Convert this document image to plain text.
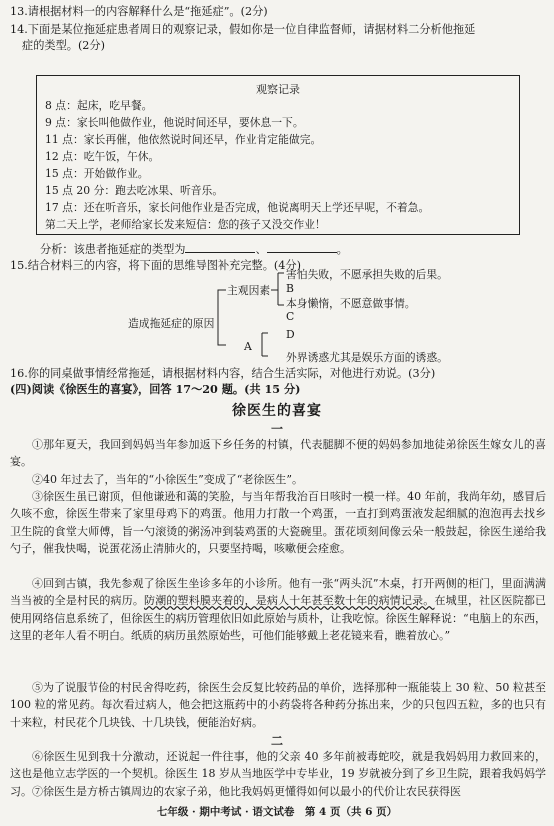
13.请根据材料一的内容解释什么是“拖延症”。(2分)
14.下面是某位拖延症患者周日的观察记录，假如你是一位自律监督师，请据材料二分析他拖延
症的类型。(2分)
观察记录
8 点：起床，吃早餐。
9 点：家长叫他做作业，他说时间还早，要休息一下。
11 点：家长再催，他依然说时间还早，作业肯定能做完。
12 点：吃午饭，午休。
15 点：开始做作业。
15 点 20 分：跑去吃冰果、听音乐。
17 点：还在听音乐，家长问他作业是否完成，他说离明天上学还早呢，不着急。
第二天上学，老师给家长发来短信：您的孩子又没交作业！
分析：该患者拖延症的类型为	、	。
15.结合材料三的内容，将下面的思维导图补充完整。(4分)
造成拖延症的原因
主观因素
A
害怕失败，不愿承担失败的后果。
B
本身懒惰，不愿意做事情。
C
D
外界诱惑尤其是娱乐方面的诱惑。
16.你的同桌做事情经常拖延，请根据材料内容，结合生活实际，对他进行劝说。(3分)
(四)阅读《徐医生的喜宴》，回答 17～20 题。(共 15 分)
徐医生的喜宴
一
①那年夏天，我回到妈妈当年参加返下乡任务的村镇，代表腿脚不便的妈妈参加地徒弟徐医生嫁女儿的喜宴。
②40 年过去了，当年的“小徐医生”变成了“老徐医生”。
③徐医生虽已谢顶，但他谦逊和蔼的笑脸，与当年帮我治百日咳时一模一样。40 年前，我尚年幼，感冒后久咳不愈，徐医生带来了家里母鸡下的鸡蛋。他用力打散一个鸡蛋，一直打到鸡蛋液发起细腻的泡泡再去找乡卫生院的食堂大师傅，旨一勺滚烫的粥汤冲到装鸡蛋的大瓷碗里。蛋花顷刻间像云朵一般鼓起，徐医生递给我勺子，催我快喝，说蛋花汤止清肺火的，只要坚持喝，咳嗽便会痊愈。
④回到古镇，我先参观了徐医生坐诊多年的小诊所。他有一张“两头沉”木桌，打开两侧的柜门，里面满满当当被的全是村民的病历。防潮的塑料膜夹着的，是病人十年甚至数十年的病情记录。在城里，社区医院都已使用网络信息系统了，但徐医生的病历管理依旧如此原始与质朴，让我吃惊。徐医生解释说：“电脑上的东西，这里的老年人看不明白。纸质的病历虽然原始些，可他们能够戴上老花镜来看，瞧着放心。”
⑤为了说服节俭的村民舍得吃药，徐医生会反复比较药品的单价，选择那种一瓶能装上 30 粒、50 粒甚至 100 粒的常见药。每次看过病人，他会把这瓶药中的小药袋将各种药分拣出来，少的只包四五粒，多的也只有十来粒，村民花个几块钱、十几块钱，便能治好病。
二
⑥徐医生见到我十分激动，还说起一件往事，他的父亲 40 多年前被毒蛇咬，就是我妈妈用力救回来的，这也是他立志学医的一个契机。徐医生 18 岁从当地医学中专毕业，19 岁就被分到了乡卫生院，跟着我妈妈学习。 ⑦徐医生是方桥古镇周边的农家子弟，他比我妈妈更懂得如何以最小的代价让农民获得医
七年级 · 期中考试 · 语文试卷　第 4 页（共 6 页）
